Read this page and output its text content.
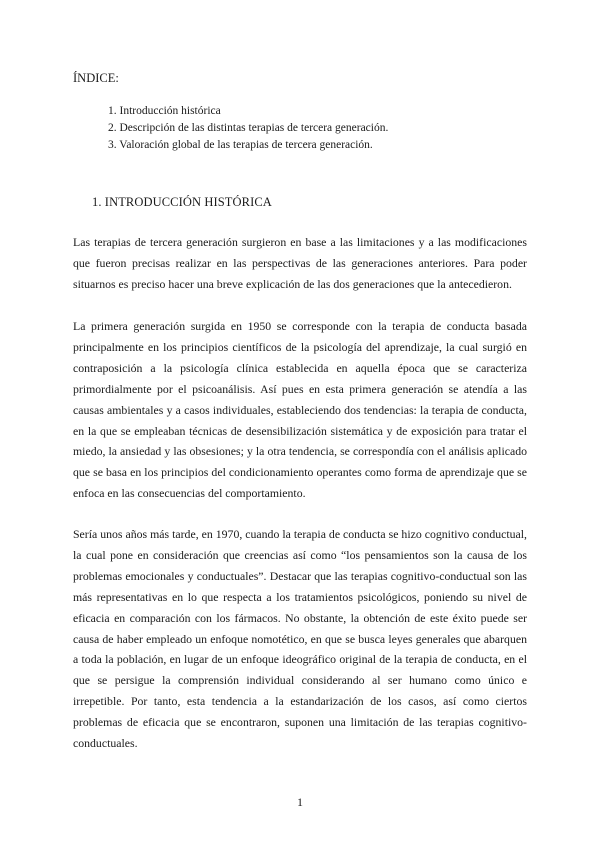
ÍNDICE:
1. Introducción histórica
2. Descripción de las distintas terapias de tercera generación.
3. Valoración global de las terapias de tercera generación.
1. INTRODUCCIÓN HISTÓRICA

Las terapias de tercera generación surgieron en base a las limitaciones y a las modificaciones que fueron precisas realizar en las perspectivas de las generaciones anteriores. Para poder situarnos es preciso hacer una breve explicación de las dos generaciones que la antecedieron.

La primera generación surgida en 1950 se corresponde con la terapia de conducta basada principalmente en los principios científicos de la psicología del aprendizaje, la cual surgió en contraposición a la psicología clínica establecida en aquella época que se caracteriza primordialmente por el psicoanálisis. Así pues en esta primera generación se atendía a las causas ambientales y a casos individuales, estableciendo dos tendencias: la terapia de conducta, en la que se empleaban técnicas de desensibilización sistemática y de exposición para tratar el miedo, la ansiedad y las obsesiones; y la otra tendencia, se correspondía con el análisis aplicado que se basa en los principios del condicionamiento operantes como forma de aprendizaje que se enfoca en las consecuencias del comportamiento.

Sería unos años más tarde, en 1970, cuando la terapia de conducta se hizo cognitivo conductual, la cual pone en consideración que creencias así como “los pensamientos son la causa de los problemas emocionales y conductuales”. Destacar que las terapias cognitivo-conductual son las más representativas en lo que respecta a los tratamientos psicológicos, poniendo su nivel de eficacia en comparación con los fármacos. No obstante, la obtención de este éxito puede ser causa de haber empleado un enfoque nomotético, en que se busca leyes generales que abarquen a toda la población, en lugar de un enfoque ideográfico original de la terapia de conducta, en el que se persigue la comprensión individual considerando al ser humano como único e irrepetible. Por tanto, esta tendencia a la estandarización de los casos, así como ciertos problemas de eficacia que se encontraron, suponen una limitación de las terapias cognitivo-conductuales.

1
